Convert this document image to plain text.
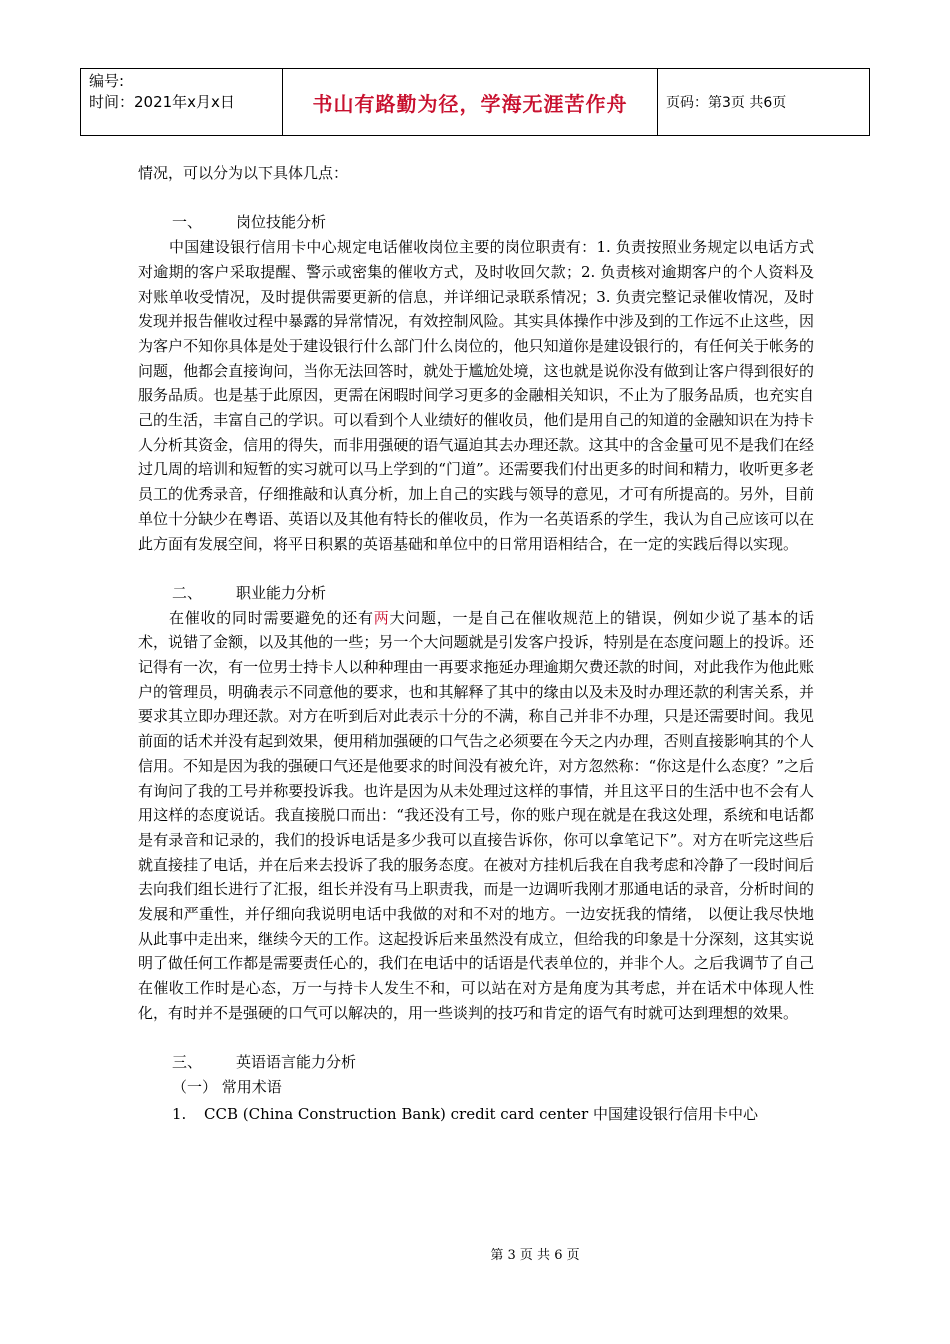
编号:
时间：2021年x月x日	书山有路勤为径，学海无涯苦作舟	页码：第3页 共6页

情况，可以分为以下具体几点：

一、 岗位技能分析

中国建设银行信用卡中心规定电话催收岗位主要的岗位职责有：1. 负责按照业务规定以电话方式对逾期的客户采取提醒、警示或密集的催收方式，及时收回欠款；2. 负责核对逾期客户的个人资料及对账单收受情况，及时提供需要更新的信息，并详细记录联系情况；3. 负责完整记录催收情况，及时发现并报告催收过程中暴露的异常情况，有效控制风险。其实具体操作中涉及到的工作远不止这些，因为客户不知你具体是处于建设银行什么部门什么岗位的，他只知道你是建设银行的，有任何关于帐务的问题，他都会直接询问，当你无法回答时，就处于尴尬处境，这也就是说你没有做到让客户得到很好的服务品质。也是基于此原因，更需在闲暇时间学习更多的金融相关知识，不止为了服务品质，也充实自己的生活，丰富自己的学识。可以看到个人业绩好的催收员，他们是用自己的知道的金融知识在为持卡人分析其资金，信用的得失，而非用强硬的语气逼迫其去办理还款。这其中的含金量可见不是我们在经过几周的培训和短暂的实习就可以马上学到的“门道”。还需要我们付出更多的时间和精力，收听更多老员工的优秀录音，仔细推敲和认真分析，加上自己的实践与领导的意见，才可有所提高的。另外，目前单位十分缺少在粤语、英语以及其他有特长的催收员，作为一名英语系的学生，我认为自己应该可以在此方面有发展空间，将平日积累的英语基础和单位中的日常用语相结合，在一定的实践后得以实现。

二、 职业能力分析

在催收的同时需要避免的还有两大问题，一是自己在催收规范上的错误，例如少说了基本的话术，说错了金额，以及其他的一些；另一个大问题就是引发客户投诉，特别是在态度问题上的投诉。还记得有一次，有一位男士持卡人以种种理由一再要求拖延办理逾期欠费还款的时间，对此我作为他此账户的管理员，明确表示不同意他的要求，也和其解释了其中的缘由以及未及时办理还款的利害关系，并要求其立即办理还款。对方在听到后对此表示十分的不满，称自己并非不办理，只是还需要时间。我见前面的话术并没有起到效果，便用稍加强硬的口气告之必须要在今天之内办理，否则直接影响其的个人信用。不知是因为我的强硬口气还是他要求的时间没有被允许，对方忽然称：“你这是什么态度？”之后有询问了我的工号并称要投诉我。也许是因为从未处理过这样的事情，并且这平日的生活中也不会有人用这样的态度说话。我直接脱口而出：“我还没有工号，你的账户现在就是在我这处理，系统和电话都是有录音和记录的，我们的投诉电话是多少我可以直接告诉你，你可以拿笔记下”。对方在听完这些后就直接挂了电话，并在后来去投诉了我的服务态度。在被对方挂机后我在自我考虑和冷静了一段时间后去向我们组长进行了汇报，组长并没有马上职责我，而是一边调听我刚才那通电话的录音，分析时间的发展和严重性，并仔细向我说明电话中我做的对和不对的地方。一边安抚我的情绪， 以便让我尽快地从此事中走出来，继续今天的工作。这起投诉后来虽然没有成立，但给我的印象是十分深刻，这其实说明了做任何工作都是需要责任心的，我们在电话中的话语是代表单位的，并非个人。之后我调节了自己在催收工作时是心态，万一与持卡人发生不和，可以站在对方是角度为其考虑，并在话术中体现人性化，有时并不是强硬的口气可以解决的，用一些谈判的技巧和肯定的语气有时就可达到理想的效果。

三、 英语语言能力分析

（一） 常用术语

1.	CCB (China Construction Bank) credit card center 中国建设银行信用卡中心
第 3 页 共 6 页
